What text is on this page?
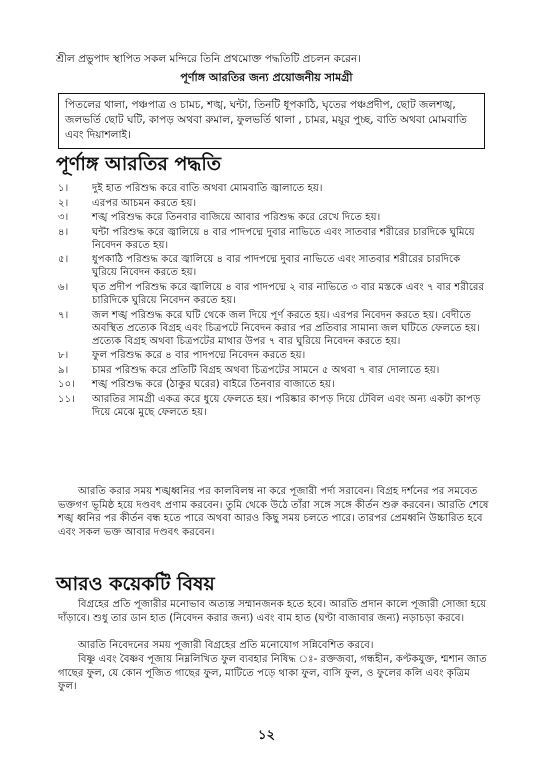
শ্রীল প্রভুপাদ স্থাপিত সকল মন্দিরে তিনি প্রথমোক্ত পদ্ধতিটি প্রচলন করেন।
পূর্ণাঙ্গ আরতির জন্য প্রয়োজনীয় সামগ্রী
পিতলের থালা, পঞ্চপাত্র ও চামচ, শঙ্খ, ঘন্টা, তিনটি ধূপকাঠি, ঘৃতের পঞ্চপ্রদীপ, ছোট জলশঙ্খ, জলভর্তি ছোট ঘটি, কাপড় অথবা রুমাল, ফুলভর্তি থালা , চামর, ময়ূর পুচ্ছ, বাতি অথবা মোমবাতি এবং দিয়াশলাই।
পূর্ণাঙ্গ আরতির পদ্ধতি
১।	দুই হাত পরিশুদ্ধ করে বাতি অথবা মোমবাতি জ্বালাতে হয়।
২।	এরপর আচমন করতে হয়।
৩।	শঙ্খ পরিশুদ্ধ করে তিনবার বাজিয়ে আবার পরিশুদ্ধ করে রেখে দিতে হয়।
৪।	ঘন্টা পরিশুদ্ধ করে জ্বালিয়ে ৪ বার পাদপদ্মে দুবার নাভিতে এবং সাতবার শরীরের চারদিকে ঘুমিয়ে নিবেদন করতে হয়।
৫।	ধুপকাঠি পরিশুদ্ধ করে জ্বালিয়ে ৪ বার পাদপদ্মে দুবার নাভিতে এবং সাতবার শরীরের চারদিকে ঘুরিয়ে নিবেদন করতে হয়।
৬।	ঘৃত প্রদীপ পরিশুদ্ধ করে জ্বালিয়ে ৪ বার পাদপদ্মে ২ বার নাভিতে ৩ বার মস্তকে এবং ৭ বার শরীরের চারিদিকে ঘুরিয়ে নিবেদন করতে হয়।
৭।	জল শঙ্খ পরিশুদ্ধ করে ঘটি থেকে জল দিয়ে পূর্ণ করতে হয়। এরপর নিবেদন করতে হয়। বেদীতে অবস্থিত প্রত্যেক বিগ্রহ এবং চিত্রপটে নিবেদন করার পর প্রতিবার সামান্য জল ঘটিতে ফেলতে হয়। প্রত্যেক বিগ্রহ অথবা চিত্রপটের মাথার উপর ৭ বার ঘুরিয়ে নিবেদন করতে হয়।
৮।	ফুল পরিশুদ্ধ করে ৪ বার পাদপদ্মে নিবেদন করতে হয়।
৯।	চামর পরিশুদ্ধ করে প্রতিটি বিগ্রহ অথবা চিত্রপটের সামনে ৫ অথবা ৭ বার দোলাতে হয়।
১০।	শঙ্খ পরিশুদ্ধ করে (ঠাকুর ঘরের) বাইরে তিনবার বাজাতে হয়।
১১।	আরতির সামগ্রী একত্র করে ধুয়ে ফেলতে হয়। পরিষ্কার কাপড় দিয়ে টেবিল এবং অন্য একটা কাপড় দিয়ে মেঝে মুছে ফেলতে হয়।
আরতি করার সময় শঙ্খধ্বনির পর কালবিলম্ব না করে পূজারী পর্দা সরাবেন। বিগ্রহ দর্শনের পর সমবেত ভক্তগণ ভূমিষ্ঠ হয়ে দণ্ডবৎ প্রণাম করবেন। তুমি থেকে উঠে তাঁরা সঙ্গে সঙ্গে কীর্তন শুরু করবেন। আরতি শেষে শঙ্খ ধ্বনির পর কীর্তন বন্ধ হতে পারে অথবা আরও কিছু সময় চলতে পারে। তারপর প্রেমধ্বনি উচ্চারিত হবে এবং সকল ভক্ত আবার দণ্ডবৎ করবেন।
আরও কয়েকটি বিষয়
বিগ্রহের প্রতি পূজারীর মনোভাব অত্যন্ত সম্মানজনক হতে হবে। আরতি প্রদান কালে পূজারী সোজা হয়ে দাঁড়াবে। শুধু তার ডান হাত (নিবেদন করার জন্য) এবং বাম হাত (ঘণ্টা বাজাবার জন্য) নড়াচড়া করবে।
আরতি নিবেদনের সময় পূজারী বিগ্রহের প্রতি মনোযোগ সন্নিবেশিত করবে।
বিষ্ণু এবং বৈষ্ণব পূজায় নিম্নলিখিত ফুল ব্যবহার নিষিদ্ধ ঃ- রক্তজবা, গন্ধহীন, কণ্টকযুক্ত, শ্মশান জাত গাছের ফুল, যে কোন পূজিত গাছের ফুল, মাটিতে পড়ে থাকা ফুল, বাসি ফুল, ও ফুলের কলি এবং কৃত্রিম ফুল।
১২
